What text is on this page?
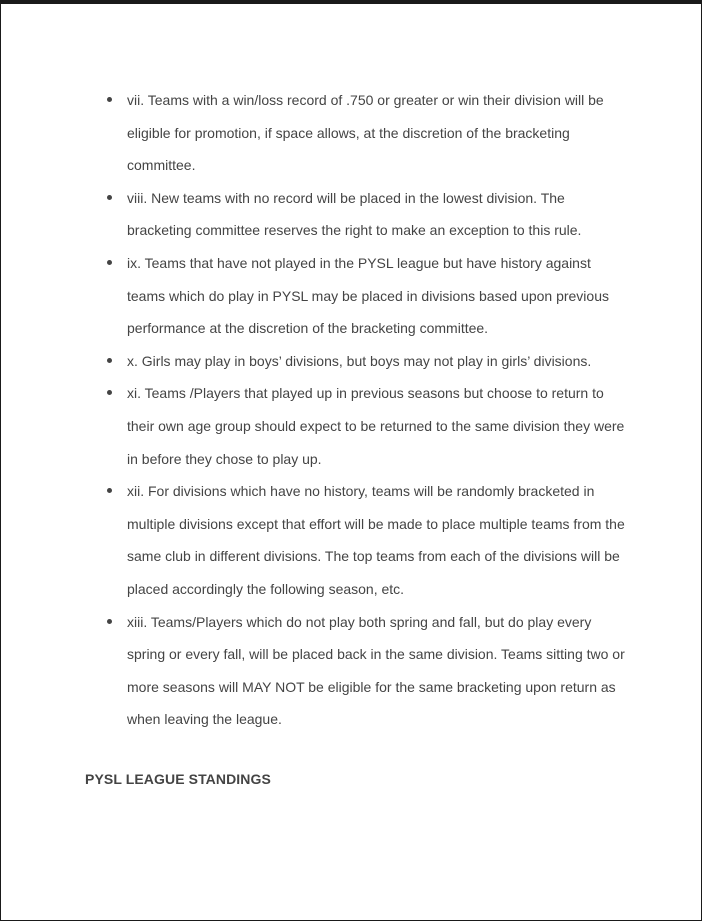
vii. Teams with a win/loss record of .750 or greater or win their division will be eligible for promotion, if space allows, at the discretion of the bracketing committee.
viii. New teams with no record will be placed in the lowest division. The bracketing committee reserves the right to make an exception to this rule.
ix. Teams that have not played in the PYSL league but have history against teams which do play in PYSL may be placed in divisions based upon previous performance at the discretion of the bracketing committee.
x. Girls may play in boys’ divisions, but boys may not play in girls’ divisions.
xi. Teams /Players that played up in previous seasons but choose to return to their own age group should expect to be returned to the same division they were in before they chose to play up.
xii. For divisions which have no history, teams will be randomly bracketed in multiple divisions except that effort will be made to place multiple teams from the same club in different divisions. The top teams from each of the divisions will be placed accordingly the following season, etc.
xiii. Teams/Players which do not play both spring and fall, but do play every spring or every fall, will be placed back in the same division. Teams sitting two or more seasons will MAY NOT be eligible for the same bracketing upon return as when leaving the league.
PYSL LEAGUE STANDINGS
